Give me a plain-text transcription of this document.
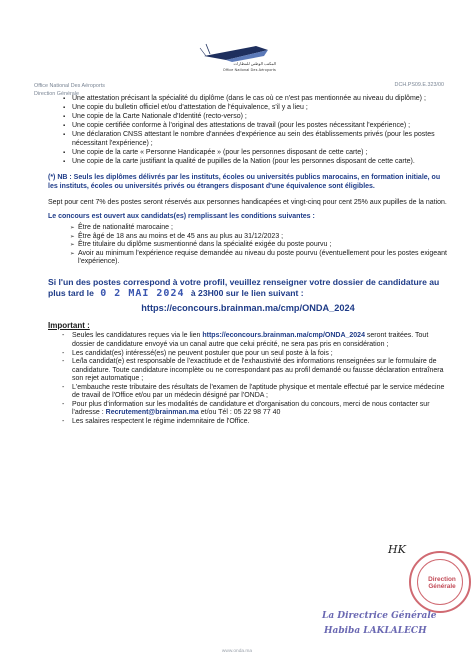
المكتب الوطني للمطارات
Office National Des Aéroports
Office National Des Aéroports
Direction Générale
DCH.PS09.E.323/00
▪ Une attestation précisant la spécialité du diplôme (dans le cas où ce n'est pas mentionnée au niveau du diplôme) ;
▪ Une copie du bulletin officiel et/ou d'attestation de l'équivalence, s'il y a lieu ;
▪ Une copie de la Carte Nationale d'Identité (recto-verso) ;
▪ Une copie certifiée conforme à l'original des attestations de travail (pour les postes nécessitant l'expérience) ;
▪ Une déclaration CNSS attestant le nombre d'années d'expérience au sein des établissements privés (pour les postes nécessitant l'expérience) ;
▪ Une copie de la carte « Personne Handicapée » (pour les personnes disposant de cette carte) ;
▪ Une copie de la carte justifiant la qualité de pupilles de la Nation (pour les personnes disposant de cette carte).

(*) NB : Seuls les diplômes délivrés par les instituts, écoles ou universités publics marocains, en formation initiale, ou les instituts, écoles ou universités privés ou étrangers disposant d'une équivalence sont éligibles.

Sept pour cent 7% des postes seront réservés aux personnes handicapées et vingt-cinq pour cent 25% aux pupilles de la nation.

Le concours est ouvert aux candidats(es) remplissant les conditions suivantes :

➢ Être de nationalité marocaine ;
➢ Être âgé de 18 ans au moins et de 45 ans au plus au 31/12/2023 ;
➢ Être titulaire du diplôme susmentionné dans la spécialité exigée du poste pourvu ;
➢ Avoir au minimum l'expérience requise demandée au niveau du poste pourvu (éventuellement pour les postes exigeant l'expérience).
Si l'un des postes correspond à votre profil, veuillez renseigner votre dossier de candidature au
plus tard le 0 2 MAI 2024 à 23H00 sur le lien suivant :
https://econcours.brainman.ma/cmp/ONDA_2024
Important :
- Seules les candidatures reçues via le lien https://econcours.brainman.ma/cmp/ONDA_2024 seront traitées. Tout dossier de candidature envoyé via un canal autre que celui précité, ne sera pas pris en considération ;
- Les candidat(es) intéressé(es) ne peuvent postuler que pour un seul poste à la fois ;
- Le/la candidat(e) est responsable de l'exactitude et de l'exhaustivité des informations renseignées sur le formulaire de candidature. Toute candidature incomplète ou ne correspondant pas au profil demandé ou fausse déclaration entraînera son rejet automatique ;
- L'embauche reste tributaire des résultats de l'examen de l'aptitude physique et mentale effectué par le service médecine de travail de l'Office et/ou par un médecin désigné par l'ONDA ;
- Pour plus d'information sur les modalités de candidature et d'organisation du concours, merci de nous contacter sur l'adresse : Recrutement@brainman.ma et/ou Tél : 05 22 98 77 40
- Les salaires respectent le régime indemnitaire de l'Office.
HK
Direction Générale
La Directrice Générale
Habiba LAKLALECH
www.onda.ma
